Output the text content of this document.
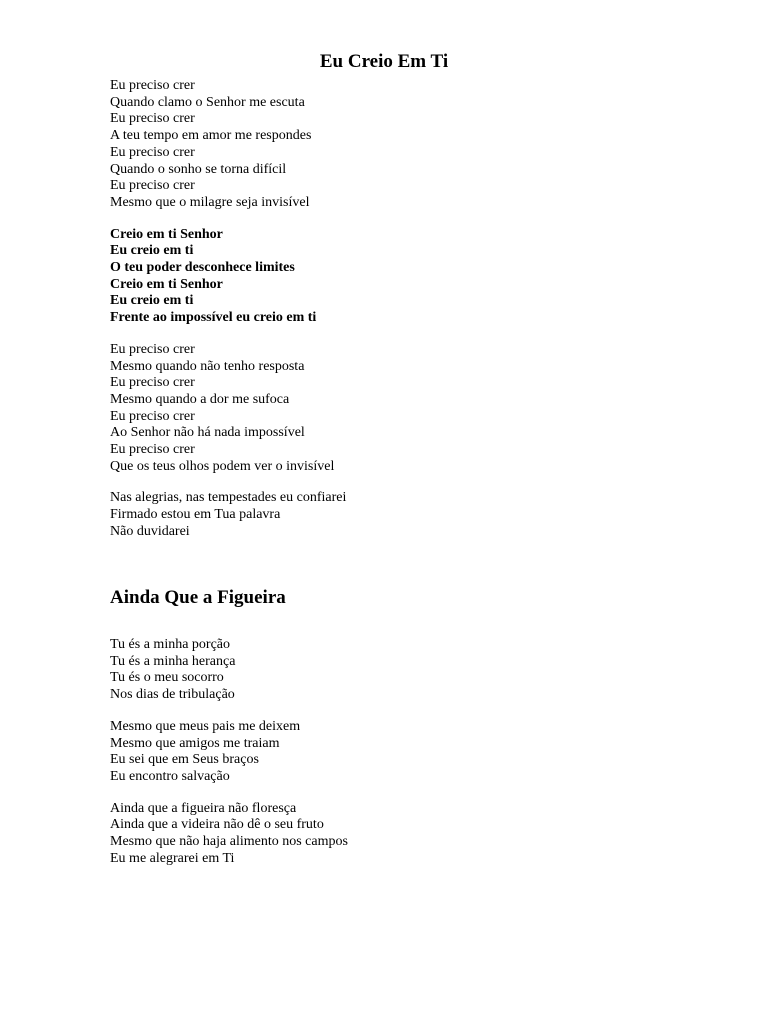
Eu Creio Em Ti
Eu preciso crer
Quando clamo o Senhor me escuta
Eu preciso crer
A teu tempo em amor me respondes
Eu preciso crer
Quando o sonho se torna difícil
Eu preciso crer
Mesmo que o milagre seja invisível
Creio em ti Senhor
Eu creio em ti
O teu poder desconhece limites
Creio em ti Senhor
Eu creio em ti
Frente ao impossível eu creio em ti
Eu preciso crer
Mesmo quando não tenho resposta
Eu preciso crer
Mesmo quando a dor me sufoca
Eu preciso crer
Ao Senhor não há nada impossível
Eu preciso crer
Que os teus olhos podem ver o invisível
Nas alegrias, nas tempestades eu confiarei
Firmado estou em Tua palavra
Não duvidarei
Ainda Que a Figueira
Tu és a minha porção
Tu és a minha herança
Tu és o meu socorro
Nos dias de tribulação
Mesmo que meus pais me deixem
Mesmo que amigos me traiam
Eu sei que em Seus braços
Eu encontro salvação
Ainda que a figueira não floresça
Ainda que a videira não dê o seu fruto
Mesmo que não haja alimento nos campos
Eu me alegrarei em Ti
